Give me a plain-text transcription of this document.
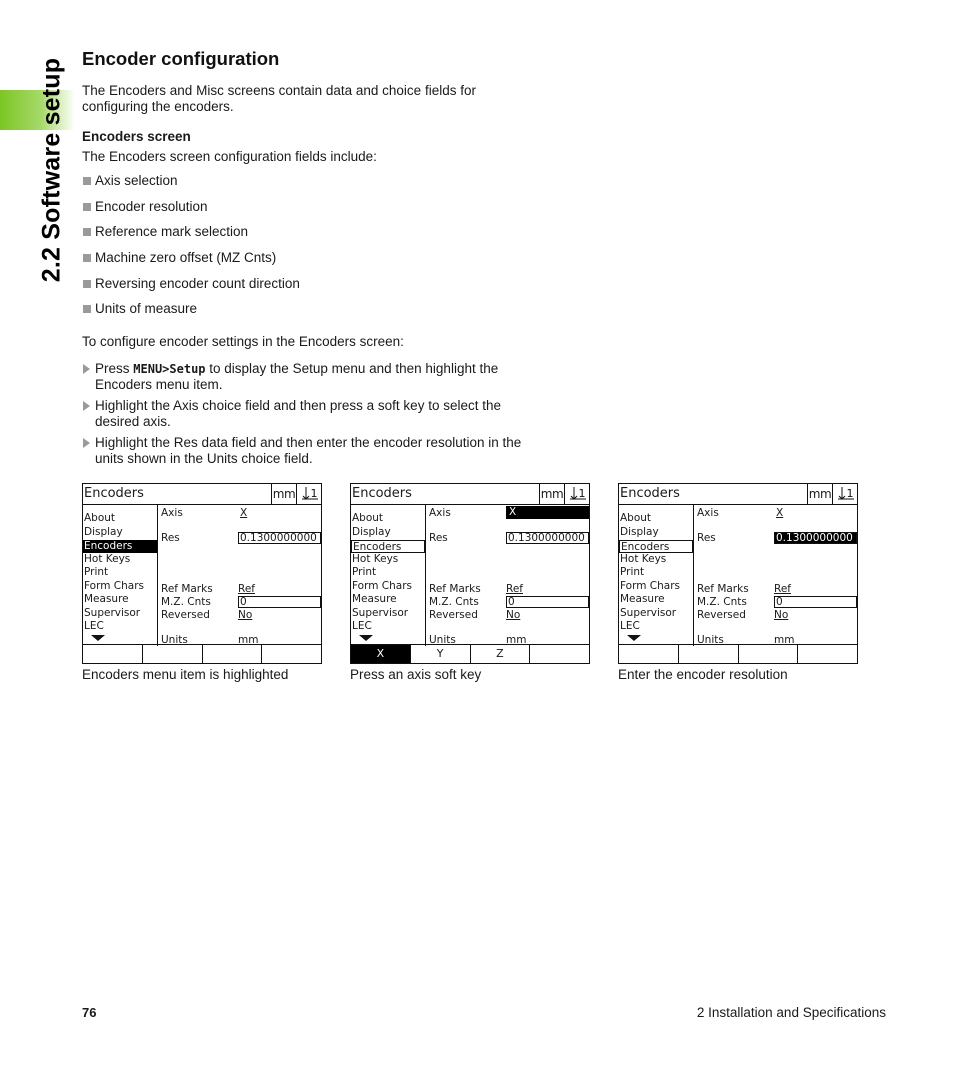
2.2 Software setup Encoder configuration

The Encoders and Misc screens contain data and choice fields for configuring the encoders.

Encoders screen

The Encoders screen configuration fields include:

Axis selection
Encoder resolution
Reference mark selection
Machine zero offset (MZ Cnts)
Reversing encoder count direction
Units of measure

To configure encoder settings in the Encoders screen:

Press MENU>Setup to display the Setup menu and then highlight the Encoders menu item.
Highlight the Axis choice field and then press a soft key to select the desired axis.
Highlight the Res data field and then enter the encoder resolution in the units shown in the Units choice field.
Encoders	mm 1
About
Display
Encoders
Hot Keys
Print
Form Chars
Measure
Supervisor
LEC
Axis	X
Res	0.1300000000
Ref Marks Ref
M.Z. Cnts	0
Reversed	No
Units	mm
Encoders menu item is highlighted
Encoders	mm 1
About
Display
Encoders
Hot Keys
Print
Form Chars
Measure
Supervisor
LEC
Axis	X
Res	0.1300000000
Ref Marks Ref
M.Z. Cnts	0
Reversed	No
Units	mm
X	Y	Z
Press an axis soft key
Encoders	mm 1
About
Display
Encoders
Hot Keys
Print
Form Chars
Measure
Supervisor
LEC
Axis	X
Res	0.1300000000
Ref Marks Ref
M.Z. Cnts	0
Reversed	No
Units	mm
Enter the encoder resolution
76	2 Installation and Specifications
